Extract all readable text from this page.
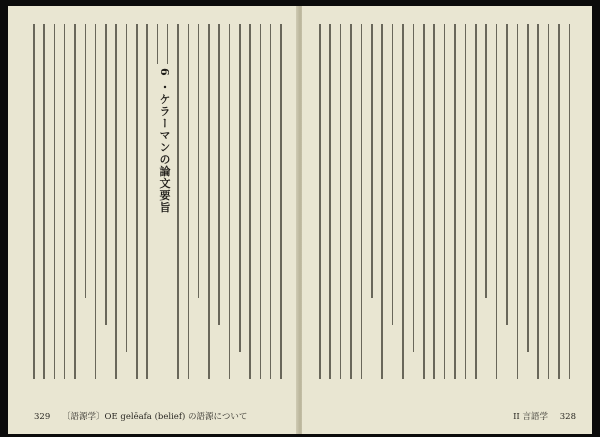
6 ・ケラーマンの論文要旨
329 〔語源学〕OE gelēafa (belief) の語源について	II 言語学 328
